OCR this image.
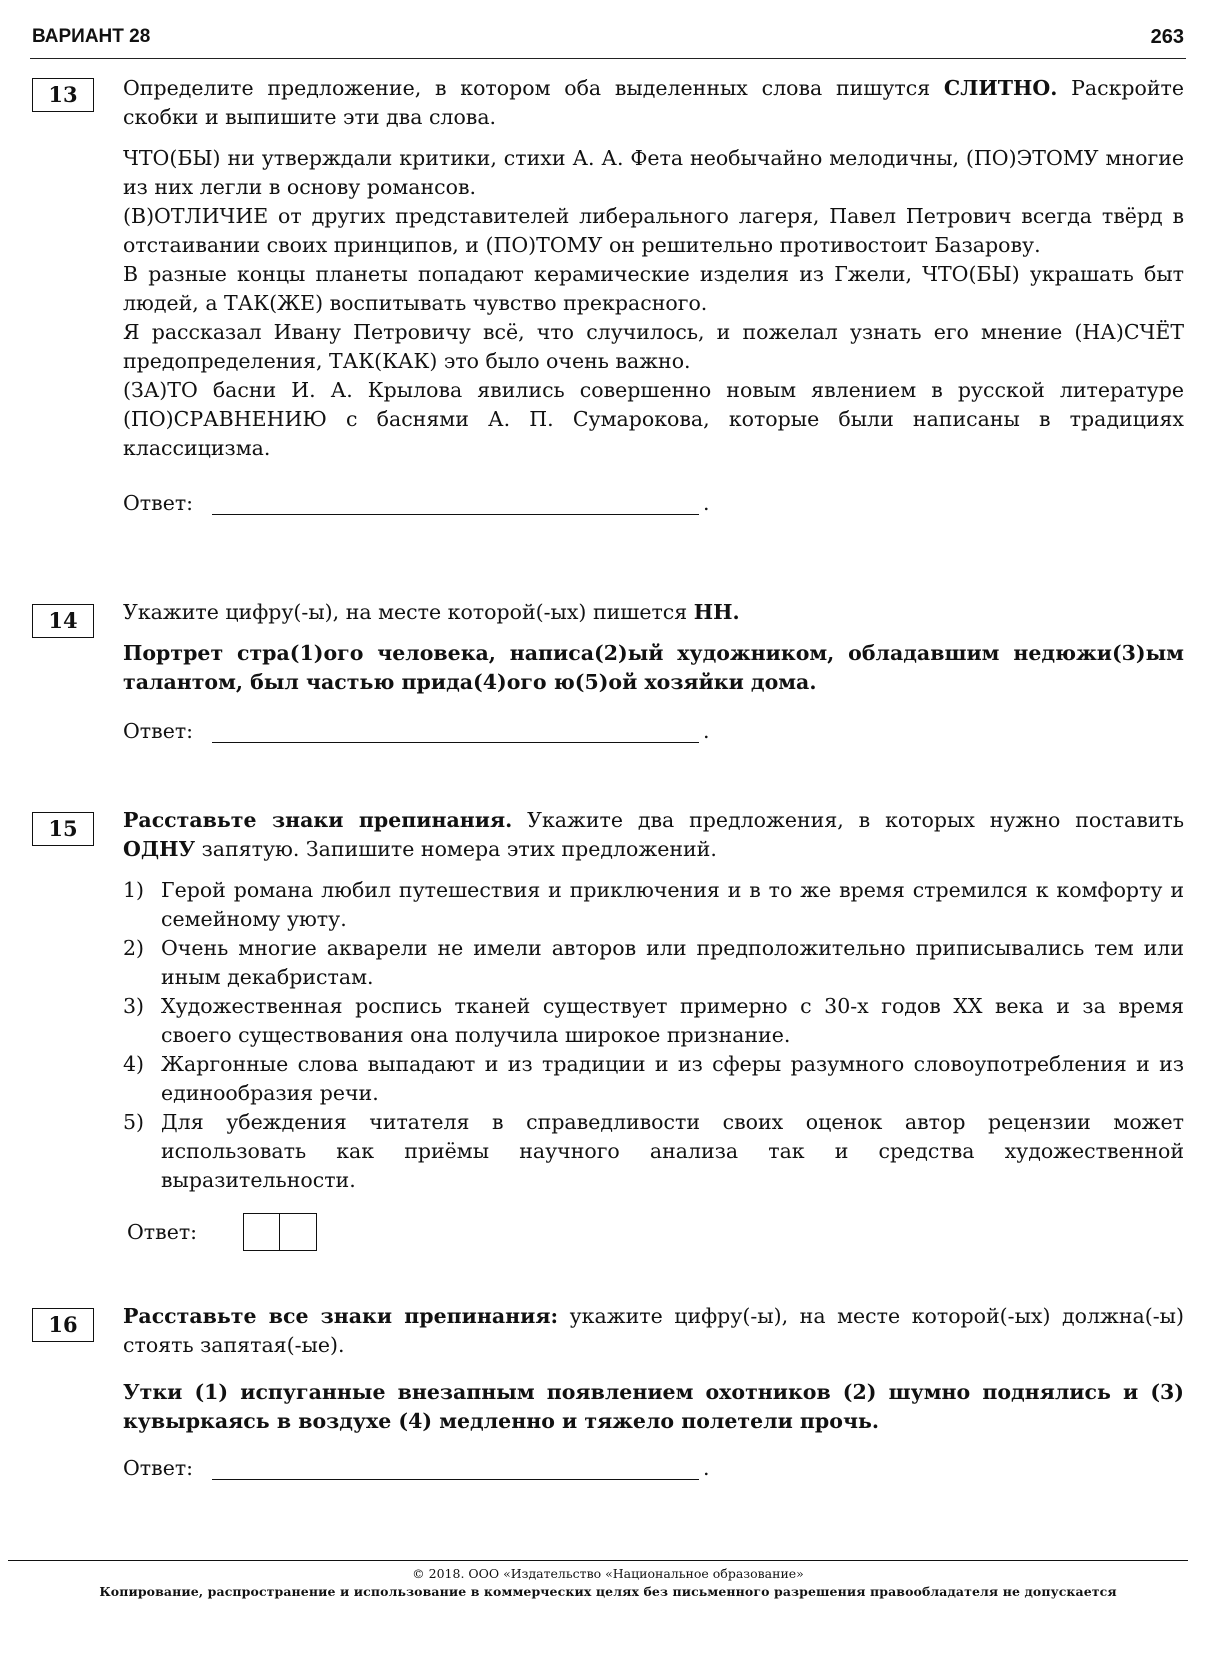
ВАРИАНТ 28	263
13	Определите предложение, в котором оба выделенных слова пишутся СЛИТНО. Раскройте скобки и выпишите эти два слова.

ЧТО(БЫ) ни утверждали критики, стихи А. А. Фета необычайно мелодичны, (ПО)ЭТОМУ многие из них легли в основу романсов.

(В)ОТЛИЧИЕ от других представителей либерального лагеря, Павел Петрович всегда твёрд в отстаивании своих принципов, и (ПО)ТОМУ он решительно противостоит Базарову.

В разные концы планеты попадают керамические изделия из Гжели, ЧТО(БЫ) украшать быт людей, а ТАК(ЖЕ) воспитывать чувство прекрасного.

Я рассказал Ивану Петровичу всё, что случилось, и пожелал узнать его мнение (НА)СЧЁТ предопределения, ТАК(КАК) это было очень важно.

(ЗА)ТО басни И. А. Крылова явились совершенно новым явлением в русской литературе (ПО)СРАВНЕНИЮ с баснями А. П. Сумарокова, которые были написаны в традициях классицизма.

Ответ:	.
14	Укажите цифру(-ы), на месте которой(-ых) пишется НН.

Портрет стра(1)ого человека, написа(2)ый художником, обладавшим недюжи(3)ым талантом, был частью прида(4)ого ю(5)ой хозяйки дома.

Ответ:	.
15	Расставьте знаки препинания. Укажите два предложения, в которых нужно поставить ОДНУ запятую. Запишите номера этих предложений.

1) Герой романа любил путешествия и приключения и в то же время стремился к комфорту и семейному уюту.
2) Очень многие акварели не имели авторов или предположительно приписывались тем или иным декабристам.
3) Художественная роспись тканей существует примерно с 30-х годов XX века и за время своего существования она получила широкое признание.
4) Жаргонные слова выпадают и из традиции и из сферы разумного словоупотребления и из единообразия речи.
5) Для убеждения читателя в справедливости своих оценок автор рецензии может использовать как приёмы научного анализа так и средства художественной выразительности.
Ответ:
16	Расставьте все знаки препинания: укажите цифру(-ы), на месте которой(-ых) должна(-ы) стоять запятая(-ые).

Утки (1) испуганные внезапным появлением охотников (2) шумно поднялись и (3) кувыркаясь в воздухе (4) медленно и тяжело полетели прочь.

Ответ:	.
© 2018. ООО «Издательство «Национальное образование»
Копирование, распространение и использование в коммерческих целях без письменного разрешения правообладателя не допускается
